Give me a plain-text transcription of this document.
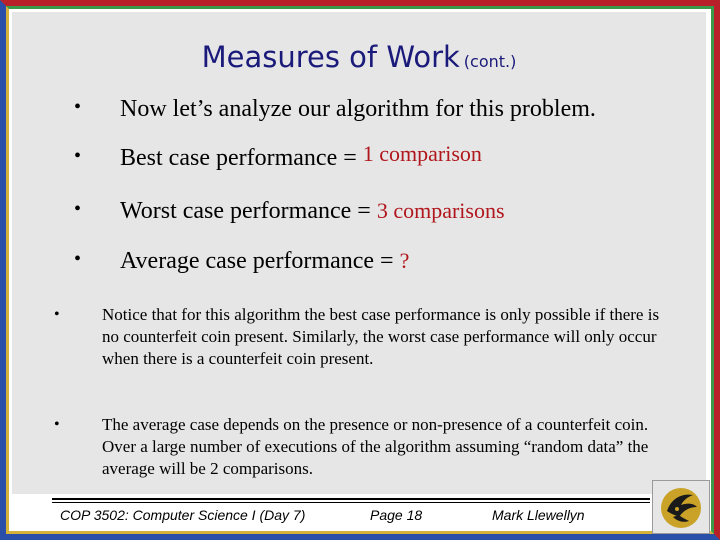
Measures of Work (cont.)
• Now let’s analyze our algorithm for this problem.
• Best case performance = 1 comparison
• Worst case performance = 3 comparisons
• Average case performance = ?
• Notice that for this algorithm the best case performance is only possible if there is no counterfeit coin present. Similarly, the worst case performance will only occur when there is a counterfeit coin present.
• The average case depends on the presence or non-presence of a counterfeit coin. Over a large number of executions of the algorithm assuming “random data” the average will be 2 comparisons.
COP 3502: Computer Science I (Day 7)	Page 18	Mark Llewellyn
